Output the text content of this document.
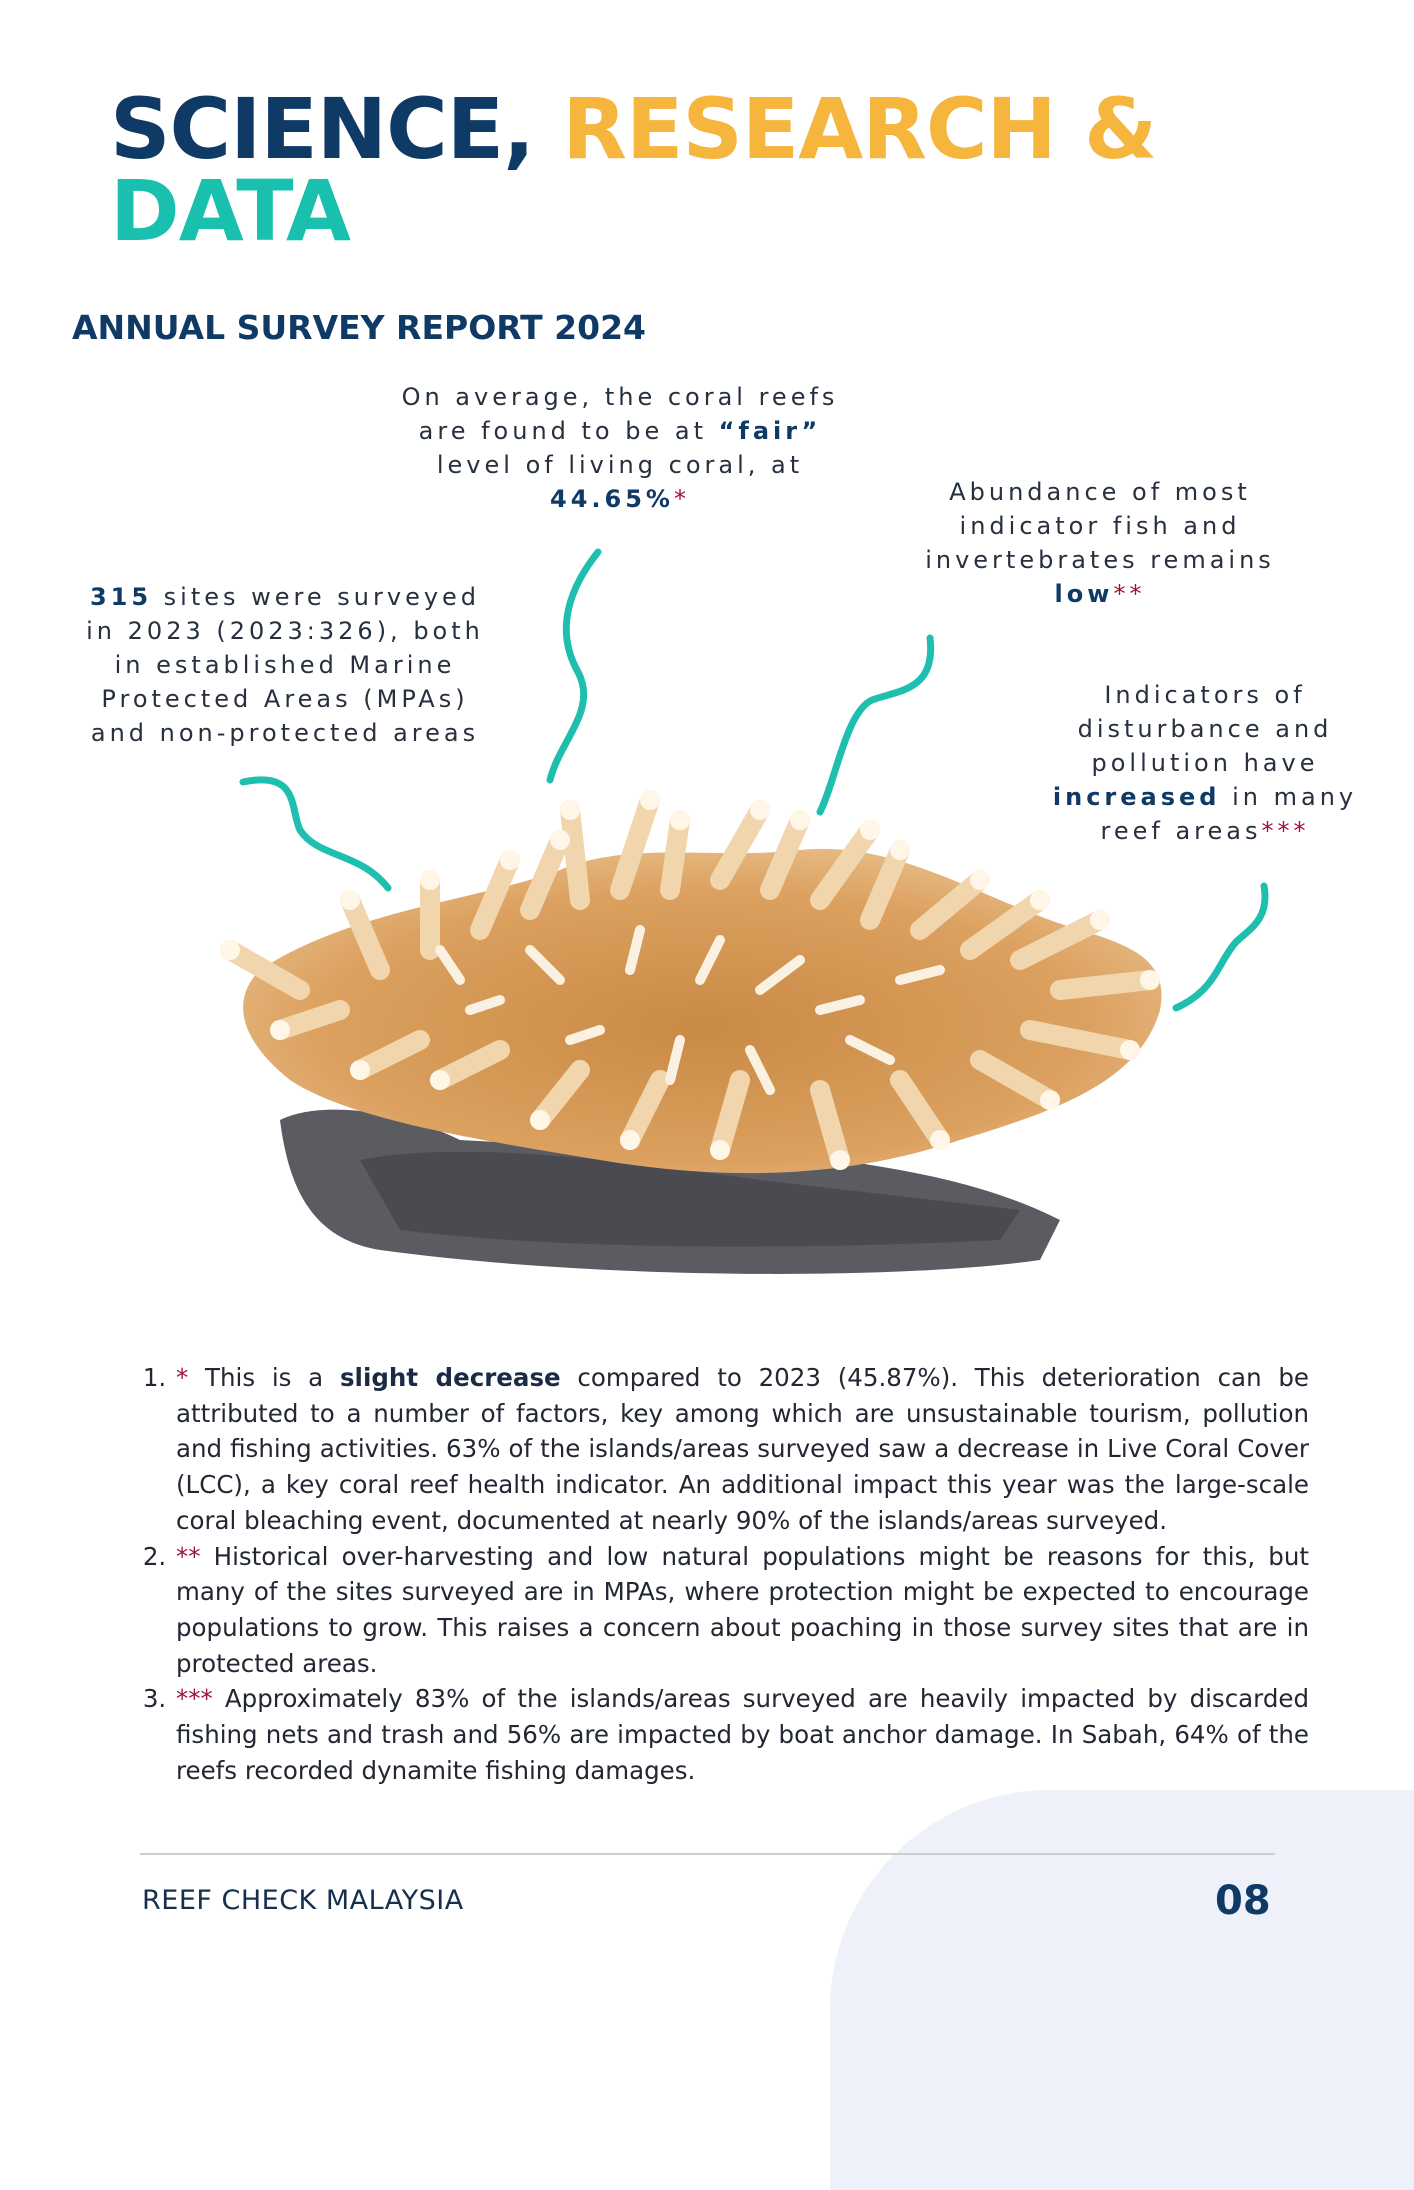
SCIENCE, RESEARCH &
DATA
ANNUAL SURVEY REPORT 2024
On average, the coral reefs are found to be at “fair” level of living coral, at 44.65%*	Abundance of most indicator fish and invertebrates remains low**
315 sites were surveyed in 2023 (2023:326), both in established Marine Protected Areas (MPAs) and non-protected areas
Indicators of disturbance and pollution have increased in many reef areas***
1. * This is a slight decrease compared to 2023 (45.87%). This deterioration can be attributed to a number of factors, key among which are unsustainable tourism, pollution and fishing activities. 63% of the islands/areas surveyed saw a decrease in Live Coral Cover (LCC), a key coral reef health indicator. An additional impact this year was the large-scale coral bleaching event, documented at nearly 90% of the islands/areas surveyed.
2. ** Historical over-harvesting and low natural populations might be reasons for this, but many of the sites surveyed are in MPAs, where protection might be expected to encourage populations to grow. This raises a concern about poaching in those survey sites that are in protected areas.
3. *** Approximately 83% of the islands/areas surveyed are heavily impacted by discarded fishing nets and trash and 56% are impacted by boat anchor damage. In Sabah, 64% of the reefs recorded dynamite fishing damages.
REEF CHECK MALAYSIA	08
